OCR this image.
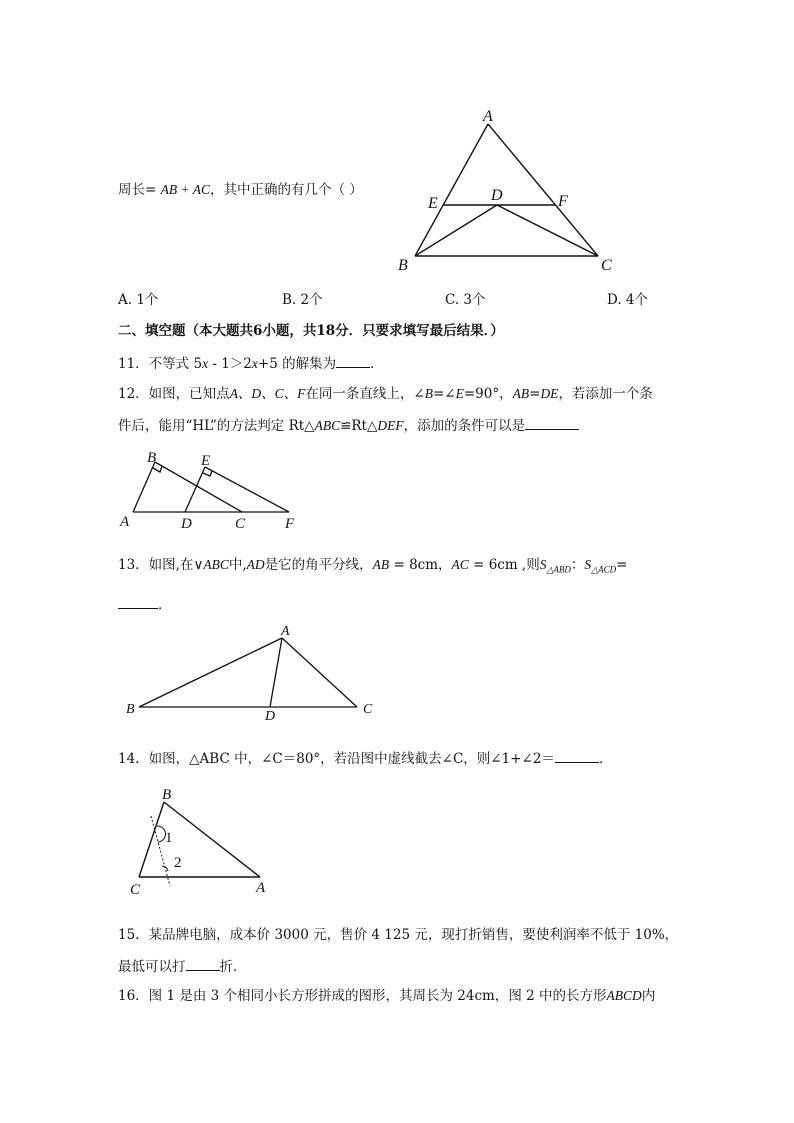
周长= AB + AC，其中正确的有几个（ ）
A
E	D	F
B	C
A. 1个	B. 2个	C. 3个	D. 4个
二、填空题（本大题共6小题，共18分．只要求填写最后结果．）
11．不等式 5x - 1＞2x+5 的解集为	．
12．如图，已知点A、D、C、F在同一条直线上，∠B=∠E=90°，AB=DE，若添加一个条
件后，能用“HL”的方法判定 Rt△ABC≌Rt△DEF，添加的条件可以是
B	E
A	D	C	F
13．如图,在∨ABC中,AD是它的角平分线，AB = 8cm，AC = 6cm ,则$S_{\triangle ABD}$：$S_{\triangle ACD}=$
．
A
B	D	C
14．如图，△ABC 中，∠C＝80°，若沿图中虚线截去∠C，则∠1+∠2＝	．
B
1
2
C	A
15．某品牌电脑，成本价 3000 元，售价 4 125 元，现打折销售，要使利润率不低于 10%，
最低可以打	折．
16．图 1 是由 3 个相同小长方形拼成的图形，其周长为 24cm，图 2 中的长方形ABCD内
